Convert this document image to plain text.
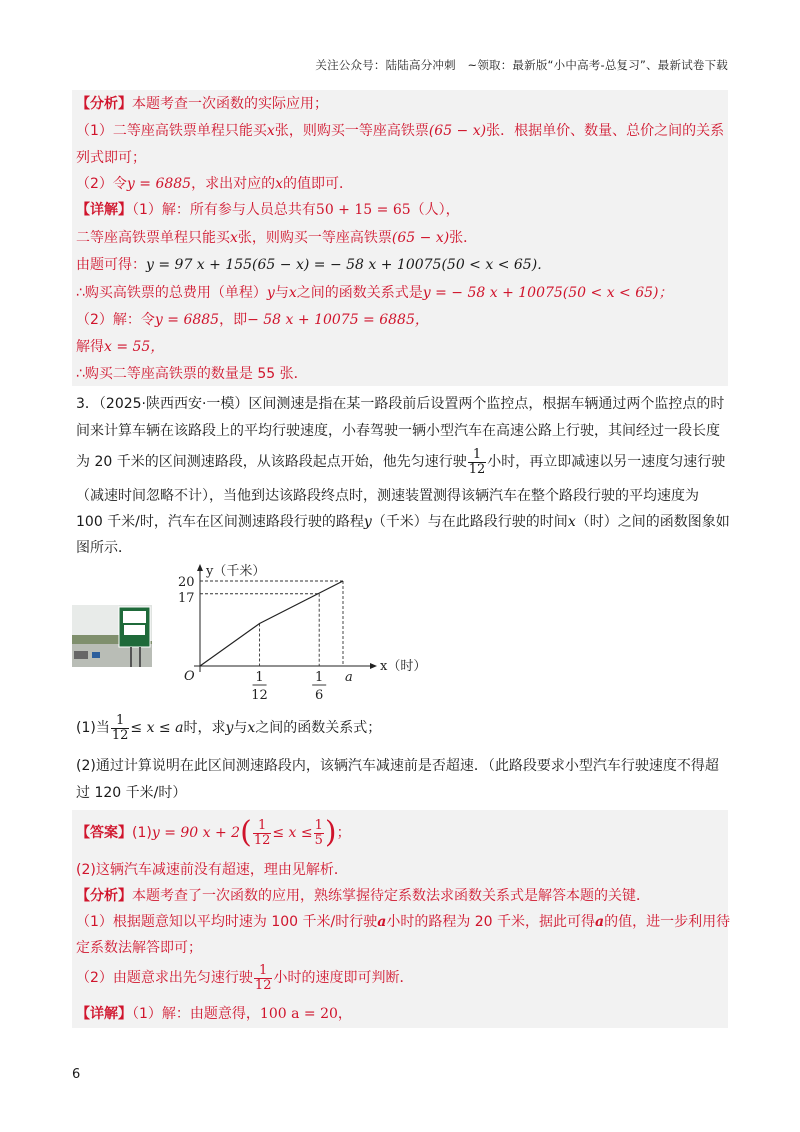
关注公众号：陆陆高分冲刺　~领取：最新版“小中高考-总复习”、最新试卷下载
【分析】本题考查一次函数的实际应用；
（1）二等座高铁票单程只能买x张，则购买一等座高铁票(65 − x)张．根据单价、数量、总价之间的关系
列式即可；
（2）令y = 6885，求出对应的x的值即可．
【详解】（1）解：所有参与人员总共有50 + 15 = 65（人），
二等座高铁票单程只能买x张，则购买一等座高铁票(65 − x)张．
由题可得：y = 97 x + 155(65 − x) = − 58 x + 10075(50 < x < 65)．
∴购买高铁票的总费用（单程）y与x之间的函数关系式是y = − 58 x + 10075(50 < x < 65)；
（2）解：令y = 6885，即− 58 x + 10075 = 6885，
解得x = 55，
∴购买二等座高铁票的数量是 55 张．
3．（2025·陕西西安·一模）区间测速是指在某一路段前后设置两个监控点，根据车辆通过两个监控点的时
间来计算车辆在该路段上的平均行驶速度，小春驾驶一辆小型汽车在高速公路上行驶，其间经过一段长度
为 20 千米的区间测速路段，从该路段起点开始，他先匀速行驶 $\frac{1}{12}$ 小时，再立即减速以另一速度匀速行驶
（减速时间忽略不计），当他到达该路段终点时，测速装置测得该辆汽车在整个路段行驶的平均速度为
100 千米/时，汽车在区间测速路段行驶的路程y（千米）与在此路段行驶的时间x（时）之间的函数图象如
图所示．
y（千米）
x（时）
O
20
17
1
12
1
6
a
(1)当 $\frac{1}{12} \le x \le a$时，求y与x之间的函数关系式；
(2)通过计算说明在此区间测速路段内，该辆汽车减速前是否超速．（此路段要求小型汽车行驶速度不得超
过 120 千米/时）
【答案】(1)y = 90 $x + 2( \frac{1}{12} \le x \le \frac{1}{5}$ )；
(2)这辆汽车减速前没有超速，理由见解析．
【分析】本题考查了一次函数的应用，熟练掌握待定系数法求函数关系式是解答本题的关键．
（1）根据题意知以平均时速为 100 千米/时行驶a小时的路程为 20 千米，据此可得a的值，进一步利用待
定系数法解答即可；
（2）由题意求出先匀速行驶 $\frac{1}{12}$ 小时的速度即可判断．
【详解】（1）解：由题意得，100 a = 20，
6
